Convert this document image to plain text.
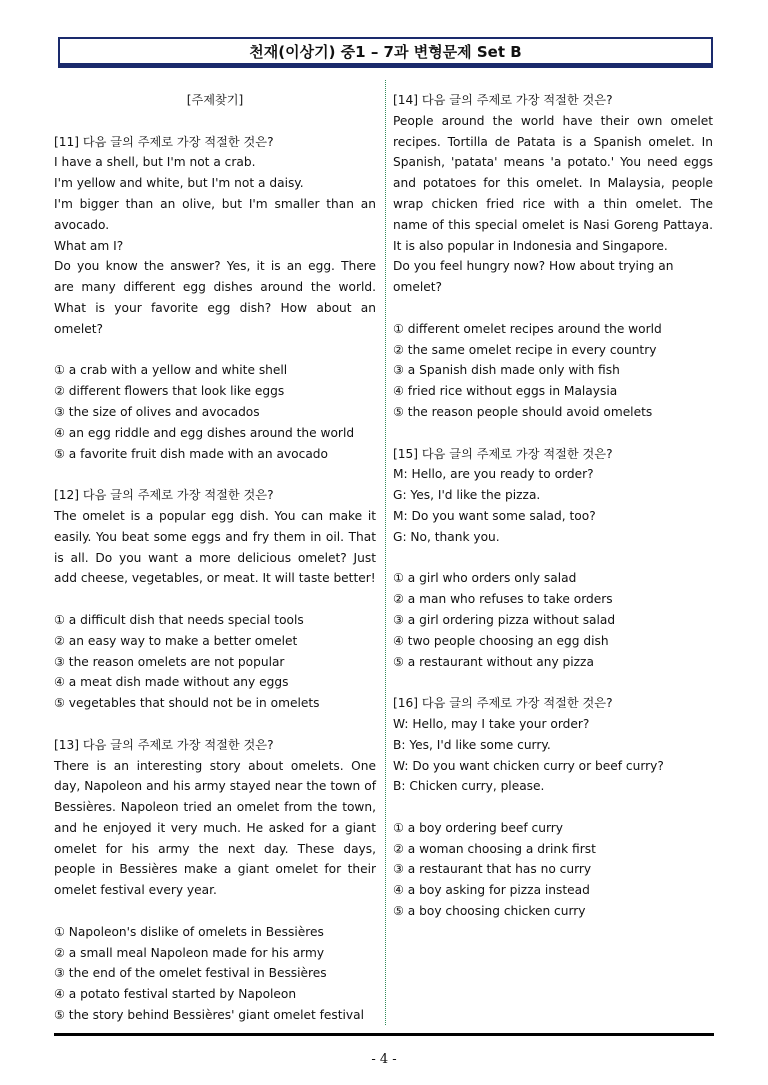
천재(이상기) 중1 – 7과 변형문제 Set B

[주제찾기]

[11] 다음 글의 주제로 가장 적절한 것은?

I have a shell, but I'm not a crab.

I'm yellow and white, but I'm not a daisy.

I'm bigger than an olive, but I'm smaller than an avocado.

What am I?

Do you know the answer? Yes, it is an egg. There are many different egg dishes around the world. What is your favorite egg dish? How about an omelet?

① a crab with a yellow and white shell

② different flowers that look like eggs

③ the size of olives and avocados

④ an egg riddle and egg dishes around the world

⑤ a favorite fruit dish made with an avocado

[12] 다음 글의 주제로 가장 적절한 것은?

The omelet is a popular egg dish. You can make it easily. You beat some eggs and fry them in oil. That is all. Do you want a more delicious omelet? Just add cheese, vegetables, or meat. It will taste better!

① a difficult dish that needs special tools

② an easy way to make a better omelet

③ the reason omelets are not popular

④ a meat dish made without any eggs

⑤ vegetables that should not be in omelets

[13] 다음 글의 주제로 가장 적절한 것은?

There is an interesting story about omelets. One day, Napoleon and his army stayed near the town of Bessières. Napoleon tried an omelet from the town, and he enjoyed it very much. He asked for a giant omelet for his army the next day. These days, people in Bessières make a giant omelet for their omelet festival every year.

① Napoleon's dislike of omelets in Bessières

② a small meal Napoleon made for his army

③ the end of the omelet festival in Bessières

④ a potato festival started by Napoleon

⑤ the story behind Bessières' giant omelet festival

[14] 다음 글의 주제로 가장 적절한 것은?

People around the world have their own omelet recipes. Tortilla de Patata is a Spanish omelet. In Spanish, 'patata' means 'a potato.' You need eggs and potatoes for this omelet. In Malaysia, people wrap chicken fried rice with a thin omelet. The name of this special omelet is Nasi Goreng Pattaya. It is also popular in Indonesia and Singapore.

Do you feel hungry now? How about trying an omelet?

① different omelet recipes around the world

② the same omelet recipe in every country

③ a Spanish dish made only with fish

④ fried rice without eggs in Malaysia

⑤ the reason people should avoid omelets

[15] 다음 글의 주제로 가장 적절한 것은?

M: Hello, are you ready to order?

G: Yes, I'd like the pizza.

M: Do you want some salad, too?

G: No, thank you.

① a girl who orders only salad

② a man who refuses to take orders

③ a girl ordering pizza without salad

④ two people choosing an egg dish

⑤ a restaurant without any pizza

[16] 다음 글의 주제로 가장 적절한 것은?

W: Hello, may I take your order?

B: Yes, I'd like some curry.

W: Do you want chicken curry or beef curry?

B: Chicken curry, please.

① a boy ordering beef curry

② a woman choosing a drink first

③ a restaurant that has no curry

④ a boy asking for pizza instead

⑤ a boy choosing chicken curry

- 4 -
